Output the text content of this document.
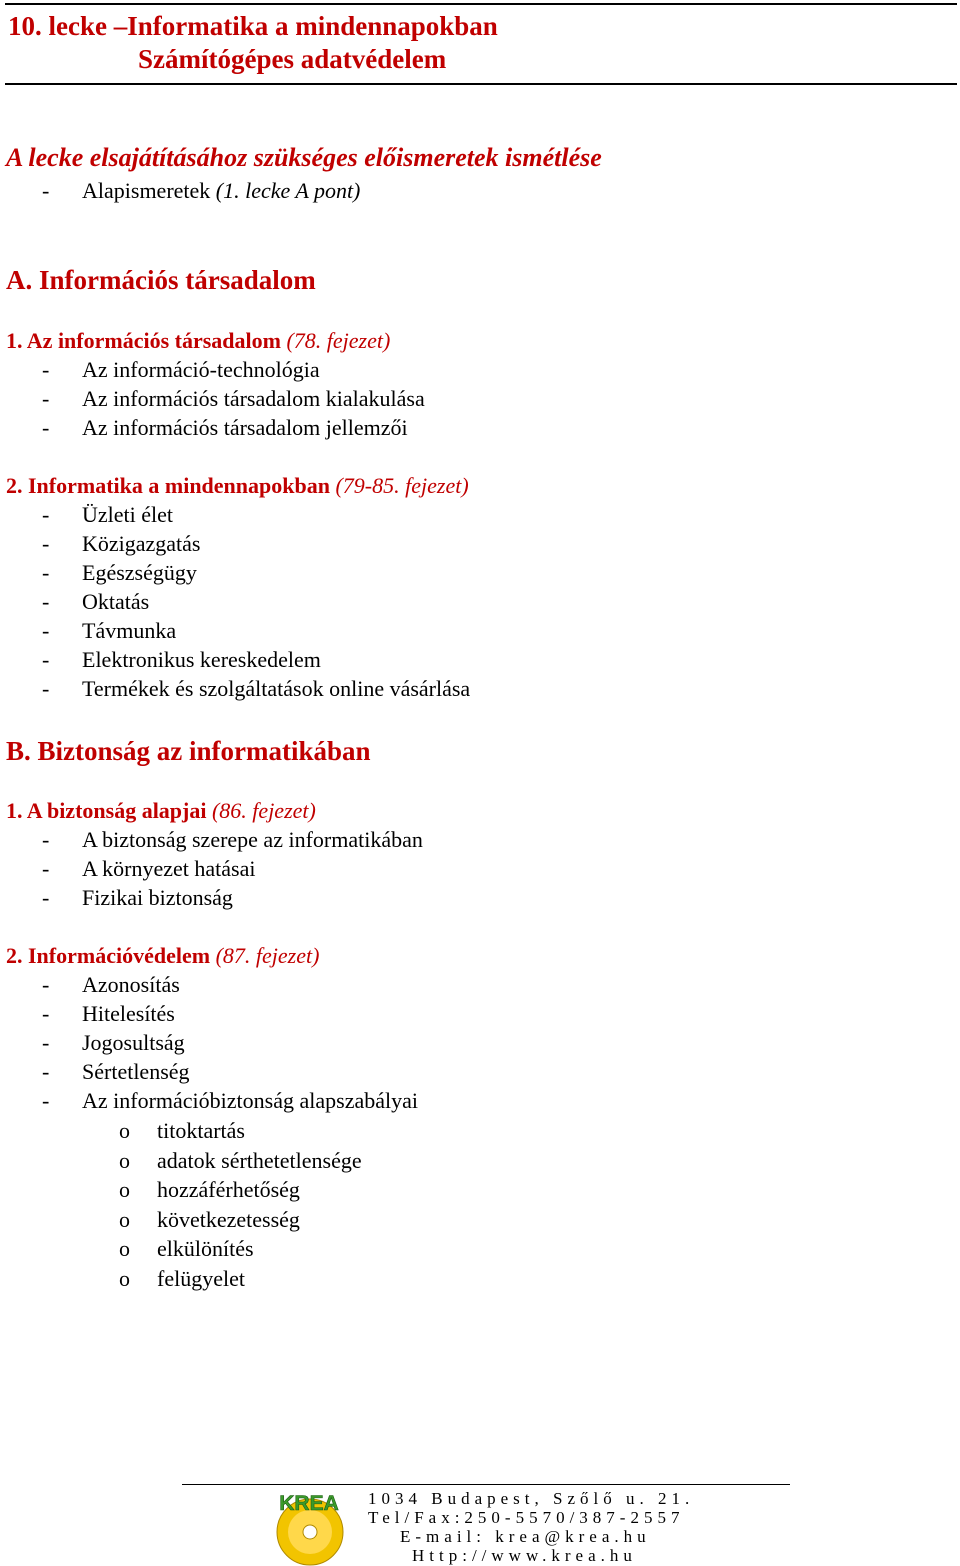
10. lecke –Informatika a mindennapokban
Számítógépes adatvédelem
A lecke elsajátításához szükséges előismeretek ismétlése
- Alapismeretek (1. lecke A pont)
A. Információs társadalom
1. Az információs társadalom (78. fejezet)
- Az információ-technológia
- Az információs társadalom kialakulása
- Az információs társadalom jellemzői
2. Informatika a mindennapokban (79-85. fejezet)
- Üzleti élet
- Közigazgatás
- Egészségügy
- Oktatás
- Távmunka
- Elektronikus kereskedelem
- Termékek és szolgáltatások online vásárlása
B. Biztonság az informatikában
1. A biztonság alapjai (86. fejezet)
- A biztonság szerepe az informatikában
- A környezet hatásai
- Fizikai biztonság
2. Információvédelem (87. fejezet)
- Azonosítás
- Hitelesítés
- Jogosultság
- Sértetlenség
- Az információbiztonság alapszabályai
o titoktartás
o adatok sérthetetlensége
o hozzáférhetőség
o következetesség
o elkülönítés
o felügyelet
KREA 1034 Budapest, Szőlő u. 21.
Tel/Fax:250-5570/387-2557
E-mail: krea@krea.hu
Http://www.krea.hu
